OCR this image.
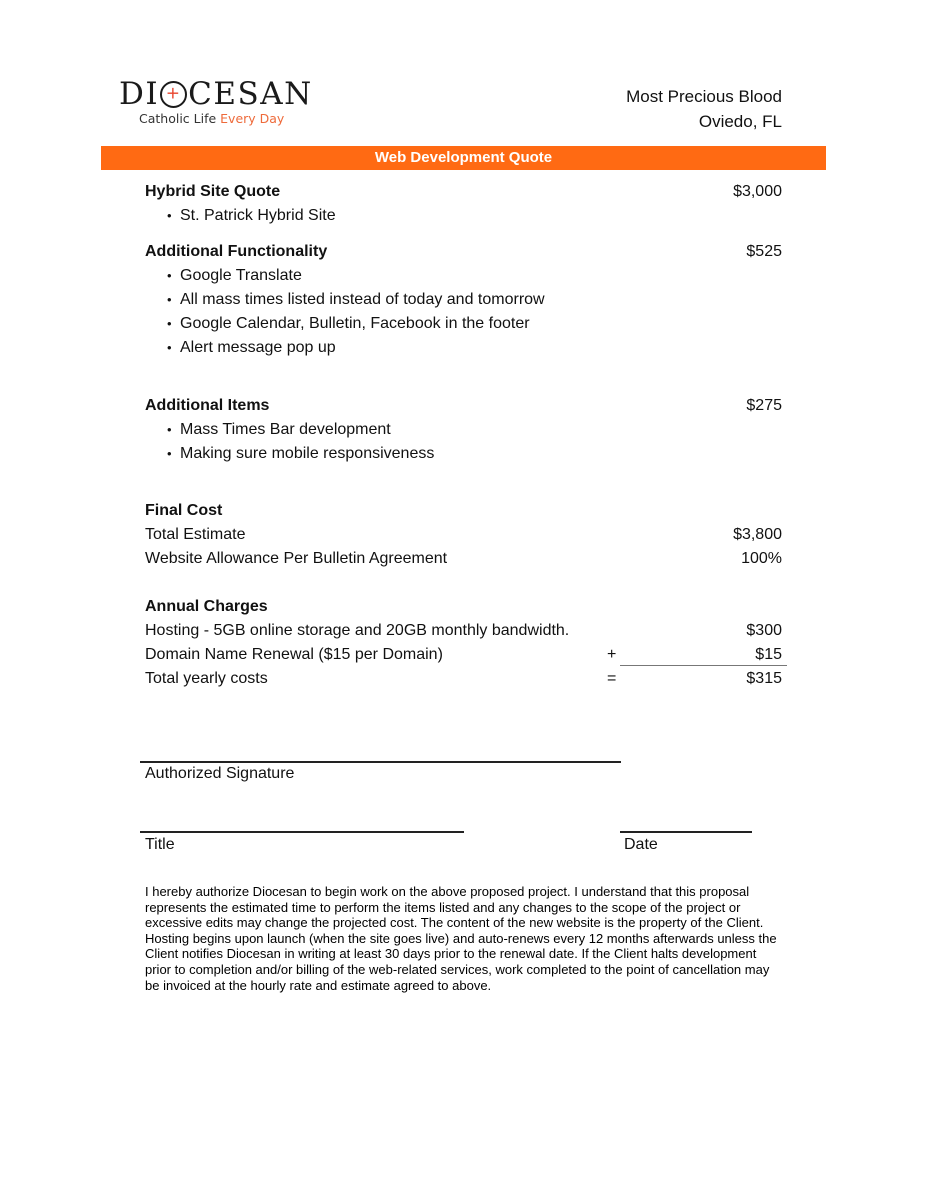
DI + CESAN
Catholic Life Every Day
Most Precious Blood
Oviedo, FL
Web Development Quote
Hybrid Site Quote	$3,000
• St. Patrick Hybrid Site
Additional Functionality	$525
• Google Translate
• All mass times listed instead of today and tomorrow
• Google Calendar, Bulletin, Facebook in the footer
• Alert message pop up
Additional Items	$275
• Mass Times Bar development
• Making sure mobile responsiveness
Final Cost
Total Estimate	$3,800
Website Allowance Per Bulletin Agreement	100%
Annual Charges
Hosting - 5GB online storage and 20GB monthly bandwidth.	$300
Domain Name Renewal ($15 per Domain)	+	$15
Total yearly costs	=	$315
Authorized Signature
Title	Date
I hereby authorize Diocesan to begin work on the above proposed project. I understand that this proposal represents the estimated time to perform the items listed and any changes to the scope of the project or excessive edits may change the projected cost. The content of the new website is the property of the Client. Hosting begins upon launch (when the site goes live) and auto-renews every 12 months afterwards unless the Client notifies Diocesan in writing at least 30 days prior to the renewal date. If the Client halts development prior to completion and/or billing of the web-related services, work completed to the point of cancellation may be invoiced at the hourly rate and estimate agreed to above.
